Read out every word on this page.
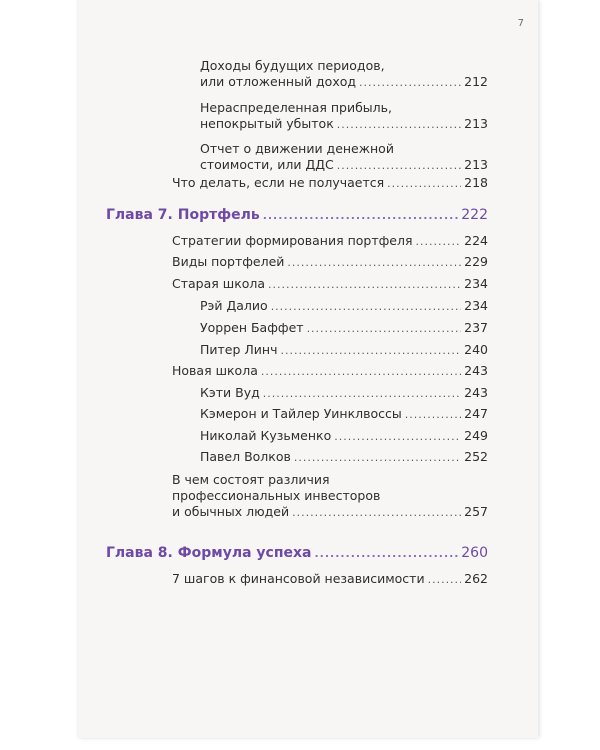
7
Доходы будущих периодов,
или отложенный доход .....	212
Нераспределенная прибыль,
непокрытый убыток .....	213
Отчет о движении денежной
стоимости, или ДДС .....	213
Что делать, если не получается .....	218
Глава 7. Портфель .....	222
Стратегии формирования портфеля .....	224
Виды портфелей .....	229
Старая школа .....	234
Рэй Далио .....	234
Уоррен Баффет .....	237
Питер Линч .....	240
Новая школа .....	243
Кэти Вуд .....	243
Кэмерон и Тайлер Уинклвоссы .....	247
Николай Кузьменко .....	249
Павел Волков .....	252
В чем состоят различия
профессиональных инвесторов
и обычных людей .....	257
Глава 8. Формула успеха .....	260
7 шагов к финансовой независимости .....	262
